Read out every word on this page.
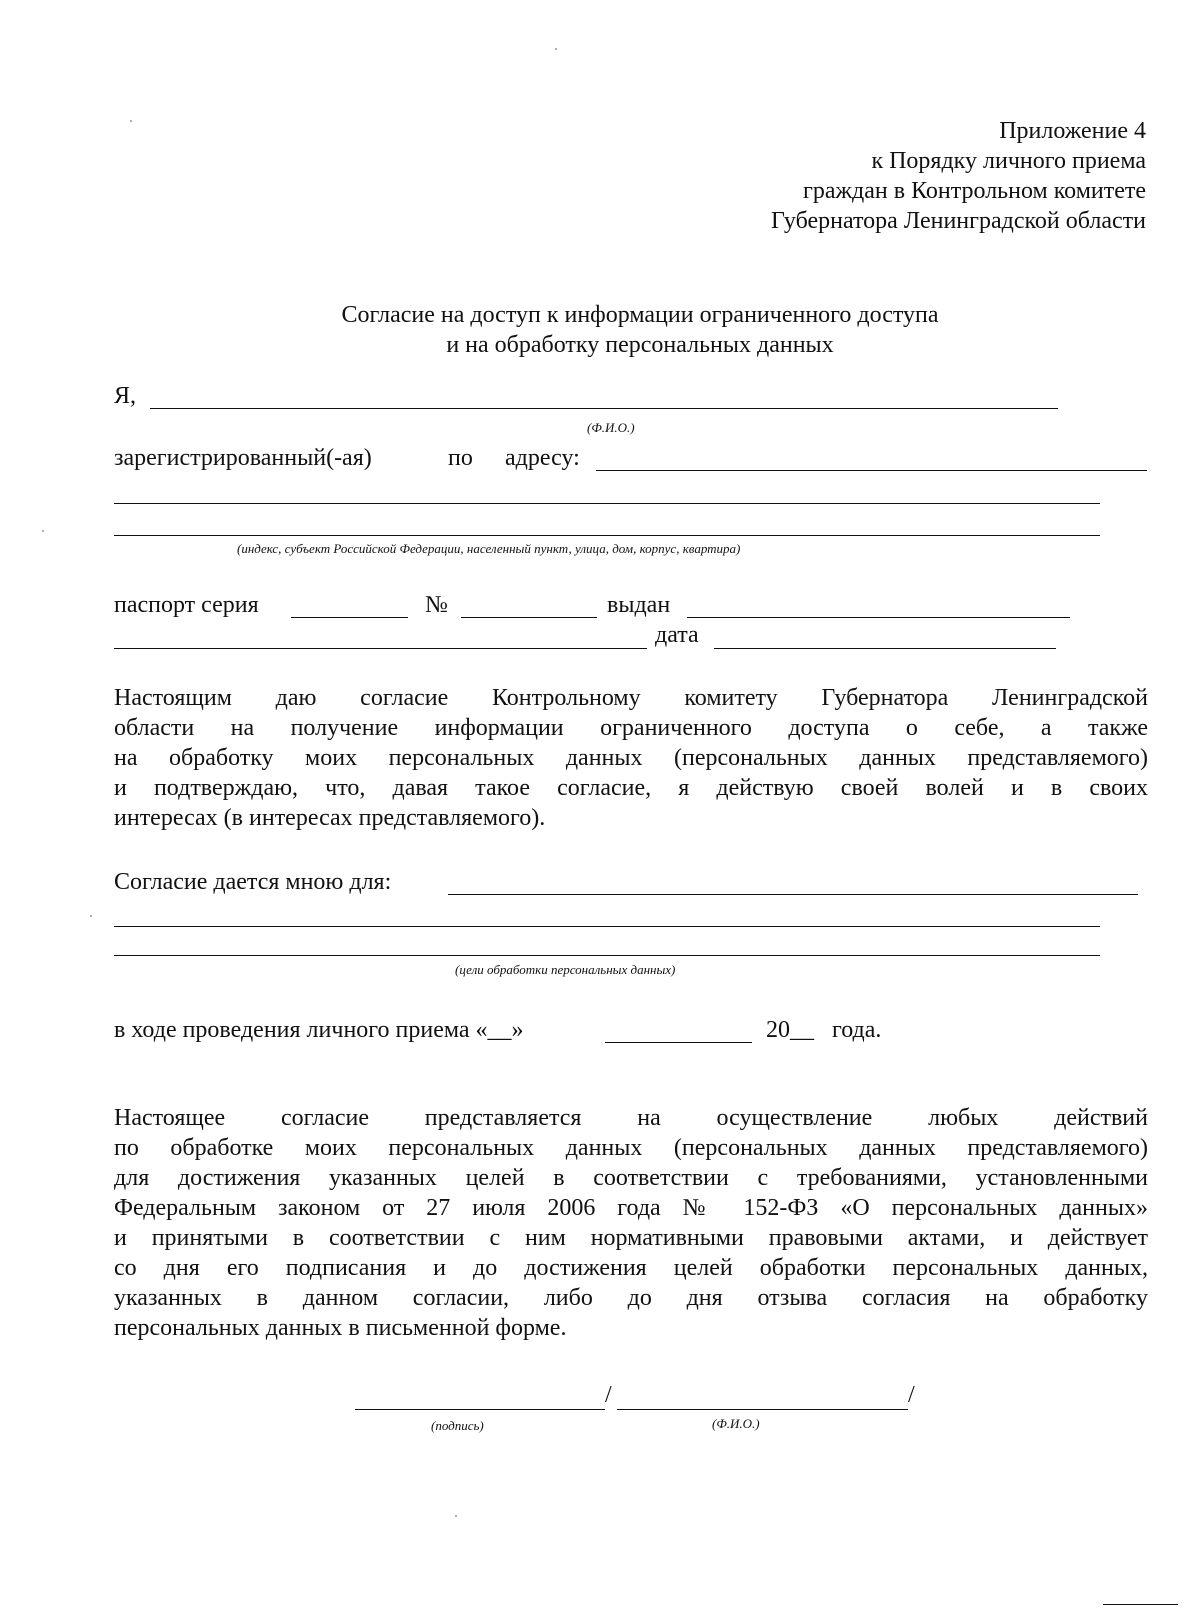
Приложение 4
к Порядку личного приема
граждан в Контрольном комитете
Губернатора Ленинградской области
Согласие на доступ к информации ограниченного доступа
и на обработку персональных данных
Я,
(Ф.И.О.)
зарегистрированный(-ая)	по адресу:
(индекс, субъект Российской Федерации, населенный пункт, улица, дом, корпус, квартира)
паспорт серия	№	выдан
дата
Настоящим даю согласие Контрольному комитету Губернатора Ленинградской
области на получение информации ограниченного доступа о себе, а также
на обработку моих персональных данных (персональных данных представляемого)
и подтверждаю, что, давая такое согласие, я действую своей волей и в своих
интересах (в интересах представляемого).
Согласие дается мною для:
(цели обработки персональных данных)
в ходе проведения личного приема «__»	20__ года.
Настоящее согласие представляется на осуществление любых действий
по обработке моих персональных данных (персональных данных представляемого)
для достижения указанных целей в соответствии с требованиями, установленными
Федеральным законом от 27 июля 2006 года № 152-ФЗ «О персональных данных»
и принятыми в соответствии с ним нормативными правовыми актами, и действует
со дня его подписания и до достижения целей обработки персональных данных,
указанных в данном согласии, либо до дня отзыва согласия на обработку
персональных данных в письменной форме.
/	/
(подпись)	(Ф.И.О.)
